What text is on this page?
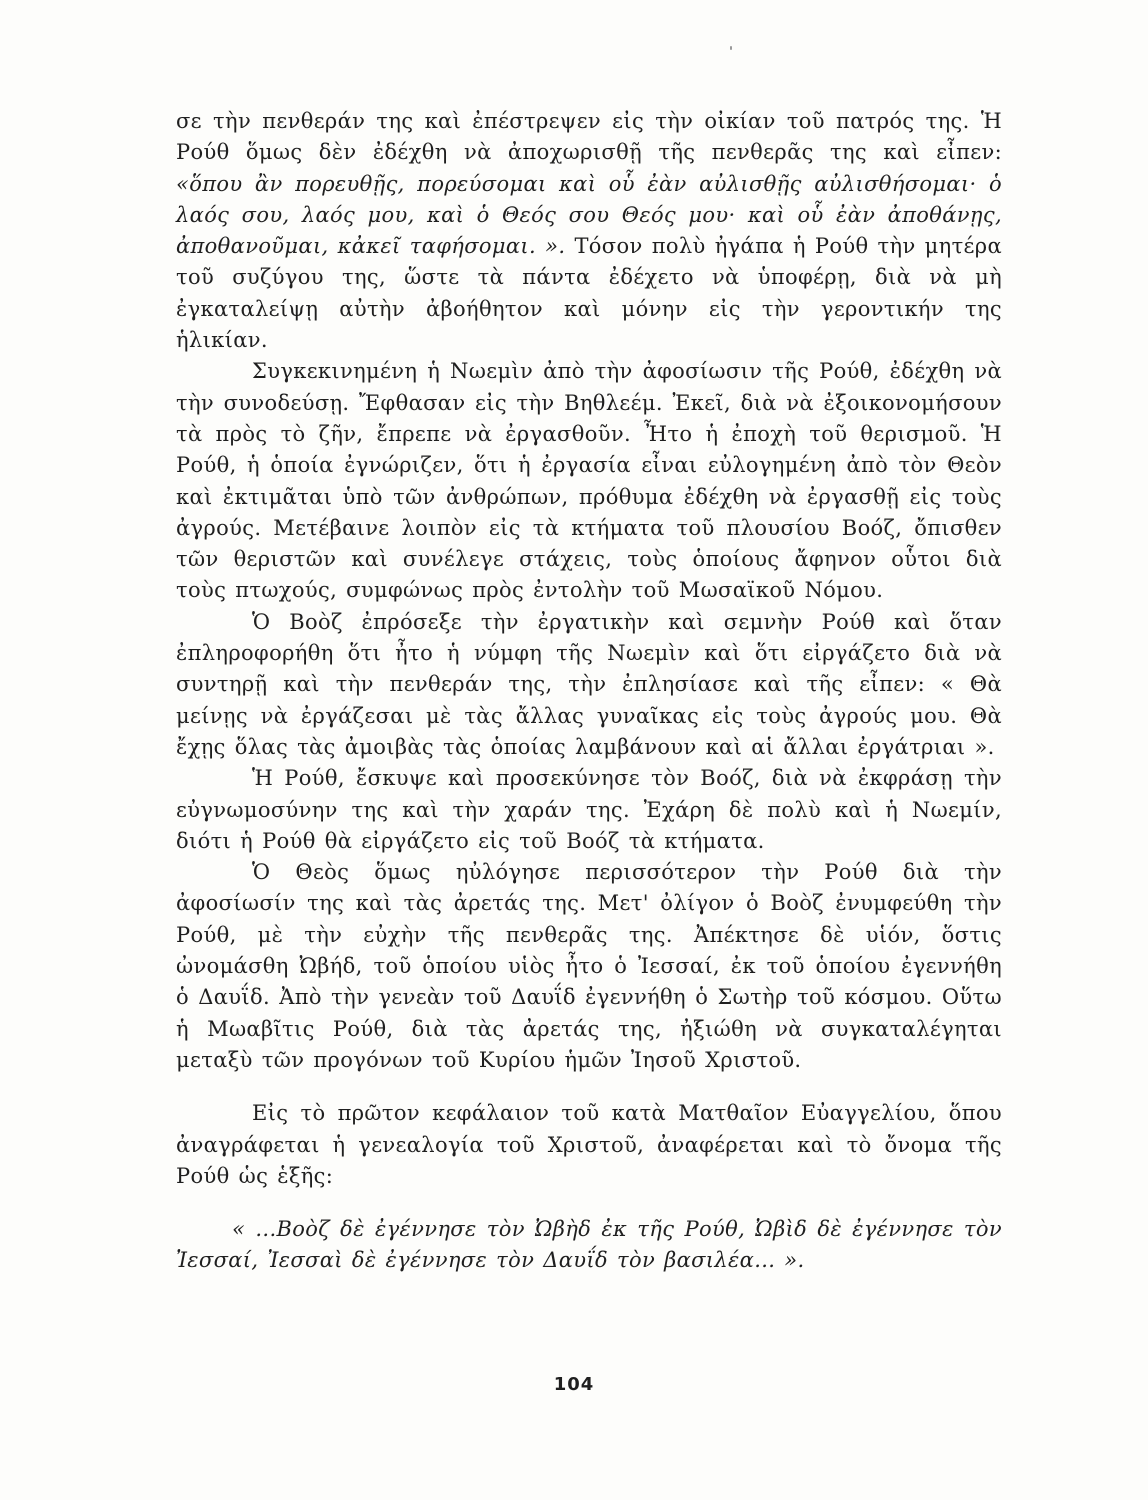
σε τὴν πενθεράν της καὶ ἐπέστρεψεν εἰς τὴν οἰκίαν τοῦ πατρός της. Ἡ Ρούθ ὅμως δὲν ἐδέχθη νὰ ἀποχωρισθῇ τῆς πενθερᾶς της καὶ εἶπεν: «ὅπου ἂν πορευθῇς, πορεύσομαι καὶ οὗ ἐὰν αὐλισθῇς αὐλισθήσομαι· ὁ λαός σου, λαός μου, καὶ ὁ Θεός σου Θεός μου· καὶ οὗ ἐὰν ἀποθάνῃς, ἀποθανοῦμαι, κἀκεῖ ταφήσομαι. ». Τόσον πολὺ ἠγάπα ἡ Ρούθ τὴν μητέρα τοῦ συζύγου της, ὥστε τὰ πάντα ἐδέχετο νὰ ὑποφέρῃ, διὰ νὰ μὴ ἐγκαταλείψῃ αὐτὴν ἀβοήθητον καὶ μόνην εἰς τὴν γεροντικήν της ἡλικίαν.

Συγκεκινημένη ἡ Νωεμὶν ἀπὸ τὴν ἀφοσίωσιν τῆς Ρούθ, ἐδέχθη νὰ τὴν συνοδεύσῃ. Ἔφθασαν εἰς τὴν Βηθλεέμ. Ἐκεῖ, διὰ νὰ ἐξοικονομήσουν τὰ πρὸς τὸ ζῆν, ἔπρεπε νὰ ἐργασθοῦν. Ἦτο ἡ ἐποχὴ τοῦ θερισμοῦ. Ἡ Ρούθ, ἡ ὁποία ἐγνώριζεν, ὅτι ἡ ἐργασία εἶναι εὐλογημένη ἀπὸ τὸν Θεὸν καὶ ἐκτιμᾶται ὑπὸ τῶν ἀνθρώπων, πρόθυμα ἐδέχθη νὰ ἐργασθῇ εἰς τοὺς ἀγρούς. Μετέβαινε λοιπὸν εἰς τὰ κτήματα τοῦ πλουσίου Βοόζ, ὄπισθεν τῶν θεριστῶν καὶ συνέλεγε στάχεις, τοὺς ὁποίους ἄφηνον οὗτοι διὰ τοὺς πτωχούς, συμφώνως πρὸς ἐντολὴν τοῦ Μωσαϊκοῦ Νόμου.

Ὁ Βοὸζ ἐπρόσεξε τὴν ἐργατικὴν καὶ σεμνὴν Ρούθ καὶ ὅταν ἐπληροφορήθη ὅτι ἦτο ἡ νύμφη τῆς Νωεμὶν καὶ ὅτι εἰργάζετο διὰ νὰ συντηρῇ καὶ τὴν πενθεράν της, τὴν ἐπλησίασε καὶ τῆς εἶπεν: « Θὰ μείνῃς νὰ ἐργάζεσαι μὲ τὰς ἄλλας γυναῖκας εἰς τοὺς ἀγρούς μου. Θὰ ἔχῃς ὅλας τὰς ἀμοιβὰς τὰς ὁποίας λαμβάνουν καὶ αἱ ἄλλαι ἐργάτριαι ».

Ἡ Ρούθ, ἔσκυψε καὶ προσεκύνησε τὸν Βοόζ, διὰ νὰ ἐκφράσῃ τὴν εὐγνωμοσύνην της καὶ τὴν χαράν της. Ἐχάρη δὲ πολὺ καὶ ἡ Νωεμίν, διότι ἡ Ρούθ θὰ εἰργάζετο εἰς τοῦ Βοόζ τὰ κτήματα.

Ὁ Θεὸς ὅμως ηὐλόγησε περισσότερον τὴν Ρούθ διὰ τὴν ἀφοσίωσίν της καὶ τὰς ἀρετάς της. Μετ' ὀλίγον ὁ Βοὸζ ἐνυμφεύθη τὴν Ρούθ, μὲ τὴν εὐχὴν τῆς πενθερᾶς της. Ἀπέκτησε δὲ υἱόν, ὅστις ὠνομάσθη Ὠβήδ, τοῦ ὁποίου υἱὸς ἦτο ὁ Ἰεσσαί, ἐκ τοῦ ὁποίου ἐγεννήθη ὁ Δαυΐδ. Ἀπὸ τὴν γενεὰν τοῦ Δαυΐδ ἐγεννήθη ὁ Σωτὴρ τοῦ κόσμου. Οὕτω ἡ Μωαβῖτις Ρούθ, διὰ τὰς ἀρετάς της, ἠξιώθη νὰ συγκαταλέγηται μεταξὺ τῶν προγόνων τοῦ Κυρίου ἡμῶν Ἰησοῦ Χριστοῦ.

Εἰς τὸ πρῶτον κεφάλαιον τοῦ κατὰ Ματθαῖον Εὐαγγελίου, ὅπου ἀναγράφεται ἡ γενεαλογία τοῦ Χριστοῦ, ἀναφέρεται καὶ τὸ ὄνομα τῆς Ρούθ ὡς ἑξῆς:

« ...Βοὸζ δὲ ἐγέννησε τὸν Ὠβὴδ ἐκ τῆς Ρούθ, Ὠβὶδ δὲ ἐγέννησε τὸν Ἰεσσαί, Ἰεσσαὶ δὲ ἐγέννησε τὸν Δαυΐδ τὸν βασιλέα... ».

104
